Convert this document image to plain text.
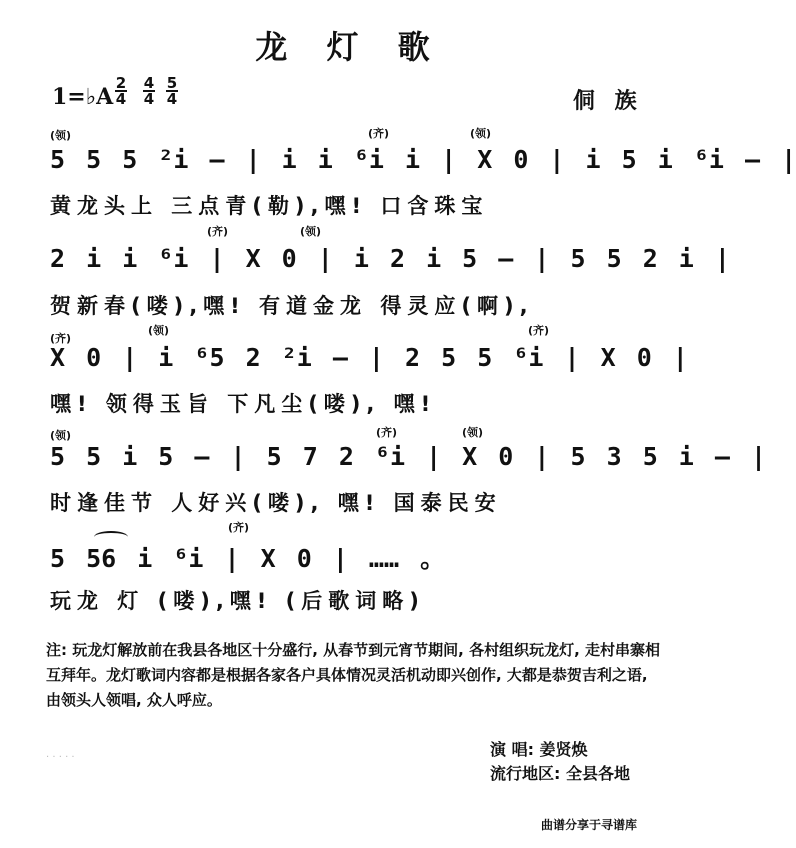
龙 灯 歌
1=♭A
2
4
4
4
5
4	侗 族
(领)	(齐)	(领)
5 5 5 ²i — | i i ⁶i i | X 0 | i 5 i ⁶i — |
黄龙头上 三点青(勒),嘿! 口含珠宝
(齐)	(领)
2 i i ⁶i | X 0 | i 2 i 5 — | 5 5 2 i |
贺新春(喽),嘿! 有道金龙 得灵应(啊),
(齐)
(领)	(齐)
X 0 | i ⁶5 2 ²i — | 2 5 5 ⁶i | X 0 |
嘿! 领得玉旨 下凡尘(喽), 嘿!
(领)	(齐)	(领)
5 5 i 5 — | 5 7 2 ⁶i | X 0 | 5 3 5 i — |
时逢佳节 人好兴(喽), 嘿! 国泰民安
(齐)
5 56 i ⁶i | X 0 | …… 。
玩龙 灯 (喽),嘿! (后歌词略)
注: 玩龙灯解放前在我县各地区十分盛行, 从春节到元宵节期间, 各村组织玩龙灯, 走村串寨相互拜年。龙灯歌词内容都是根据各家各户具体情况灵活机动即兴创作, 大都是恭贺吉利之语, 由领头人领唱, 众人呼应。
演 唱: 姜贤焕
流行地区: 全县各地
· · · · ·
曲谱分享于寻谱库
